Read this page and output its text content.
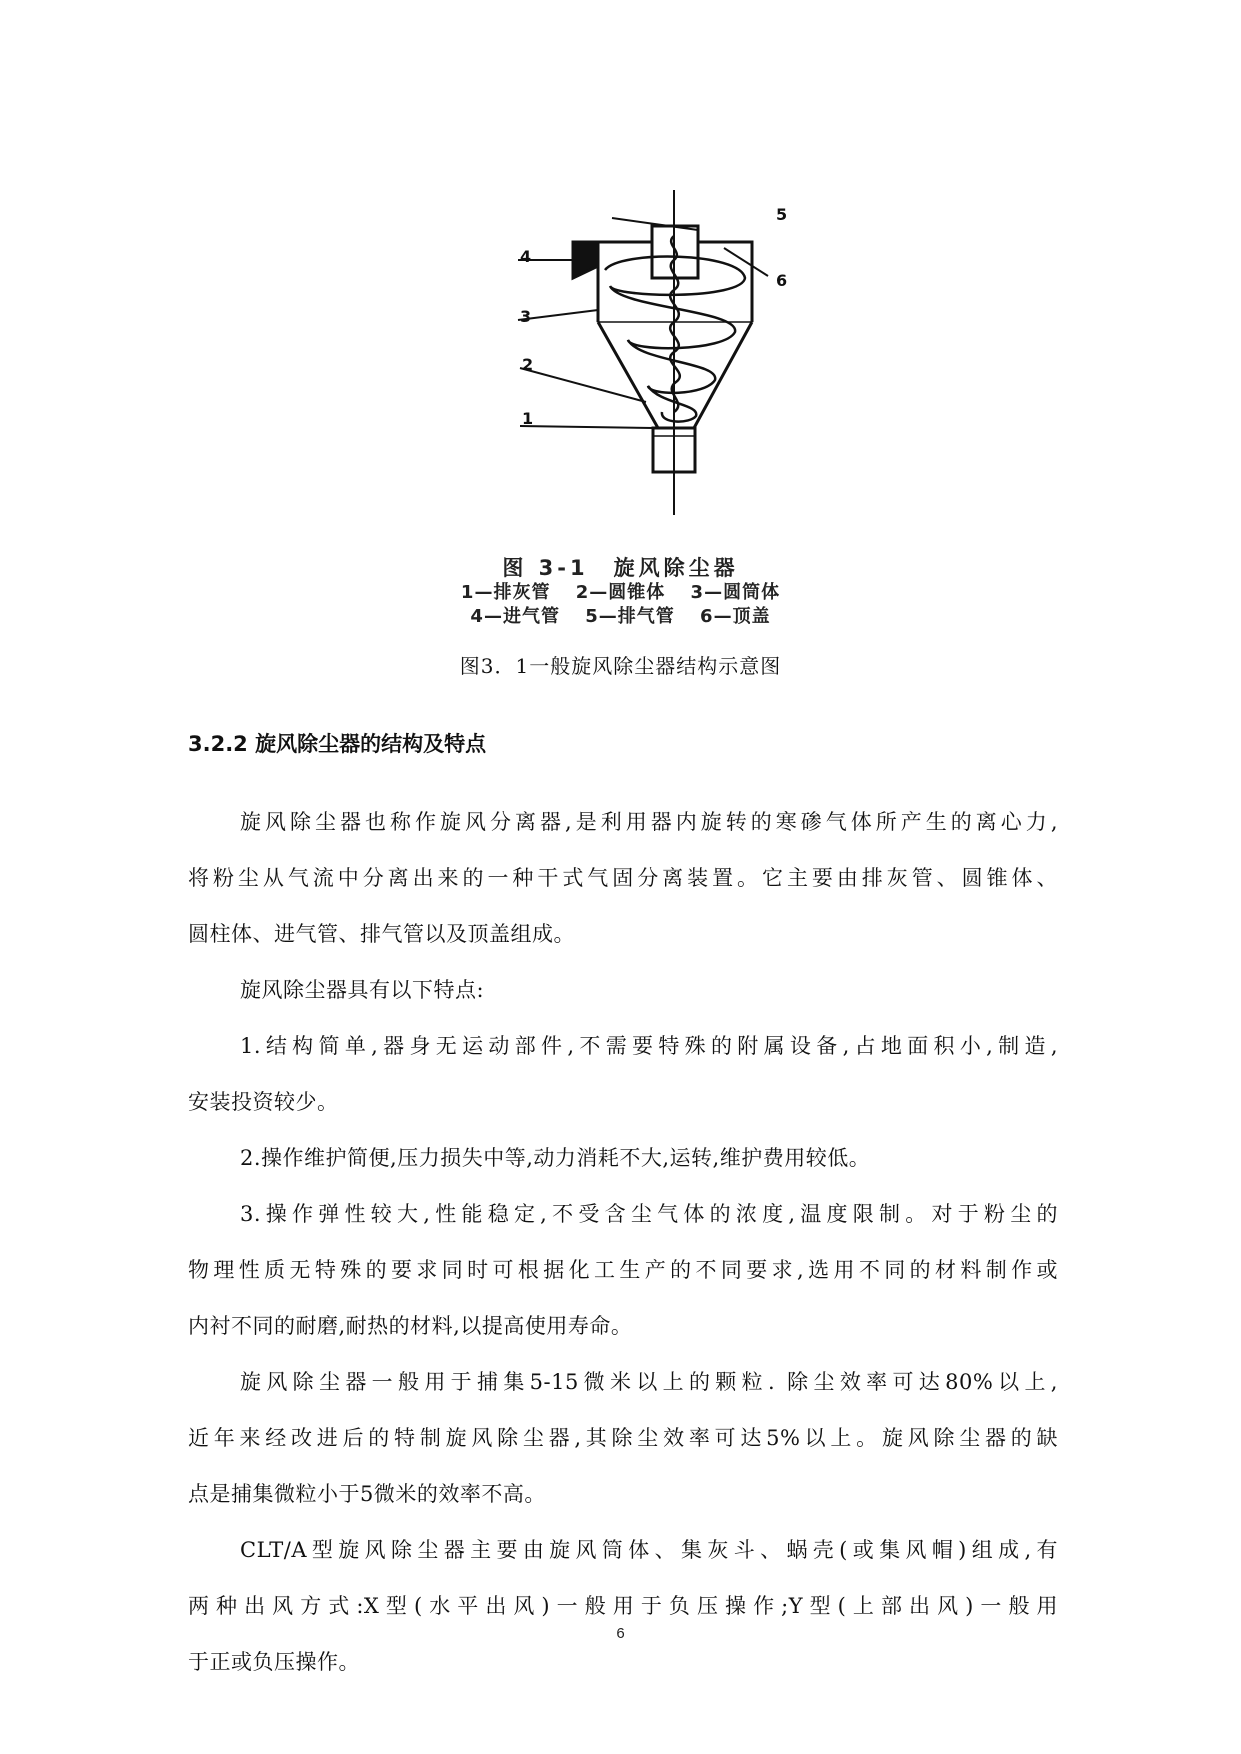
5
6
4
3
2
1
图 3-1　旋风除尘器
1—排灰管 2—圆锥体 3—圆筒体
4—进气管 5—排气管 6—顶盖
图3．1一般旋风除尘器结构示意图
3.2.2 旋风除尘器的结构及特点
旋风除尘器也称作旋风分离器,是利用器内旋转的寒碜气体所产生的离心力,
将粉尘从气流中分离出来的一种干式气固分离装置。它主要由排灰管、圆锥体、
圆柱体、进气管、排气管以及顶盖组成。
旋风除尘器具有以下特点:
1.结构简单,器身无运动部件,不需要特殊的附属设备,占地面积小,制造,
安装投资较少。
2.操作维护简便,压力损失中等,动力消耗不大,运转,维护费用较低。
3.操作弹性较大,性能稳定,不受含尘气体的浓度,温度限制。对于粉尘的
物理性质无特殊的要求同时可根据化工生产的不同要求,选用不同的材料制作或
内衬不同的耐磨,耐热的材料,以提高使用寿命。
旋风除尘器一般用于捕集5-15微米以上的颗粒. 除尘效率可达80%以上,
近年来经改进后的特制旋风除尘器,其除尘效率可达5%以上。旋风除尘器的缺
点是捕集微粒小于5微米的效率不高。
CLT/A型旋风除尘器主要由旋风筒体、集灰斗、蜗壳(或集风帽)组成,有
两种出风方式:X型(水平出风)一般用于负压操作;Y型(上部出风)一般用
于正或负压操作。
6
